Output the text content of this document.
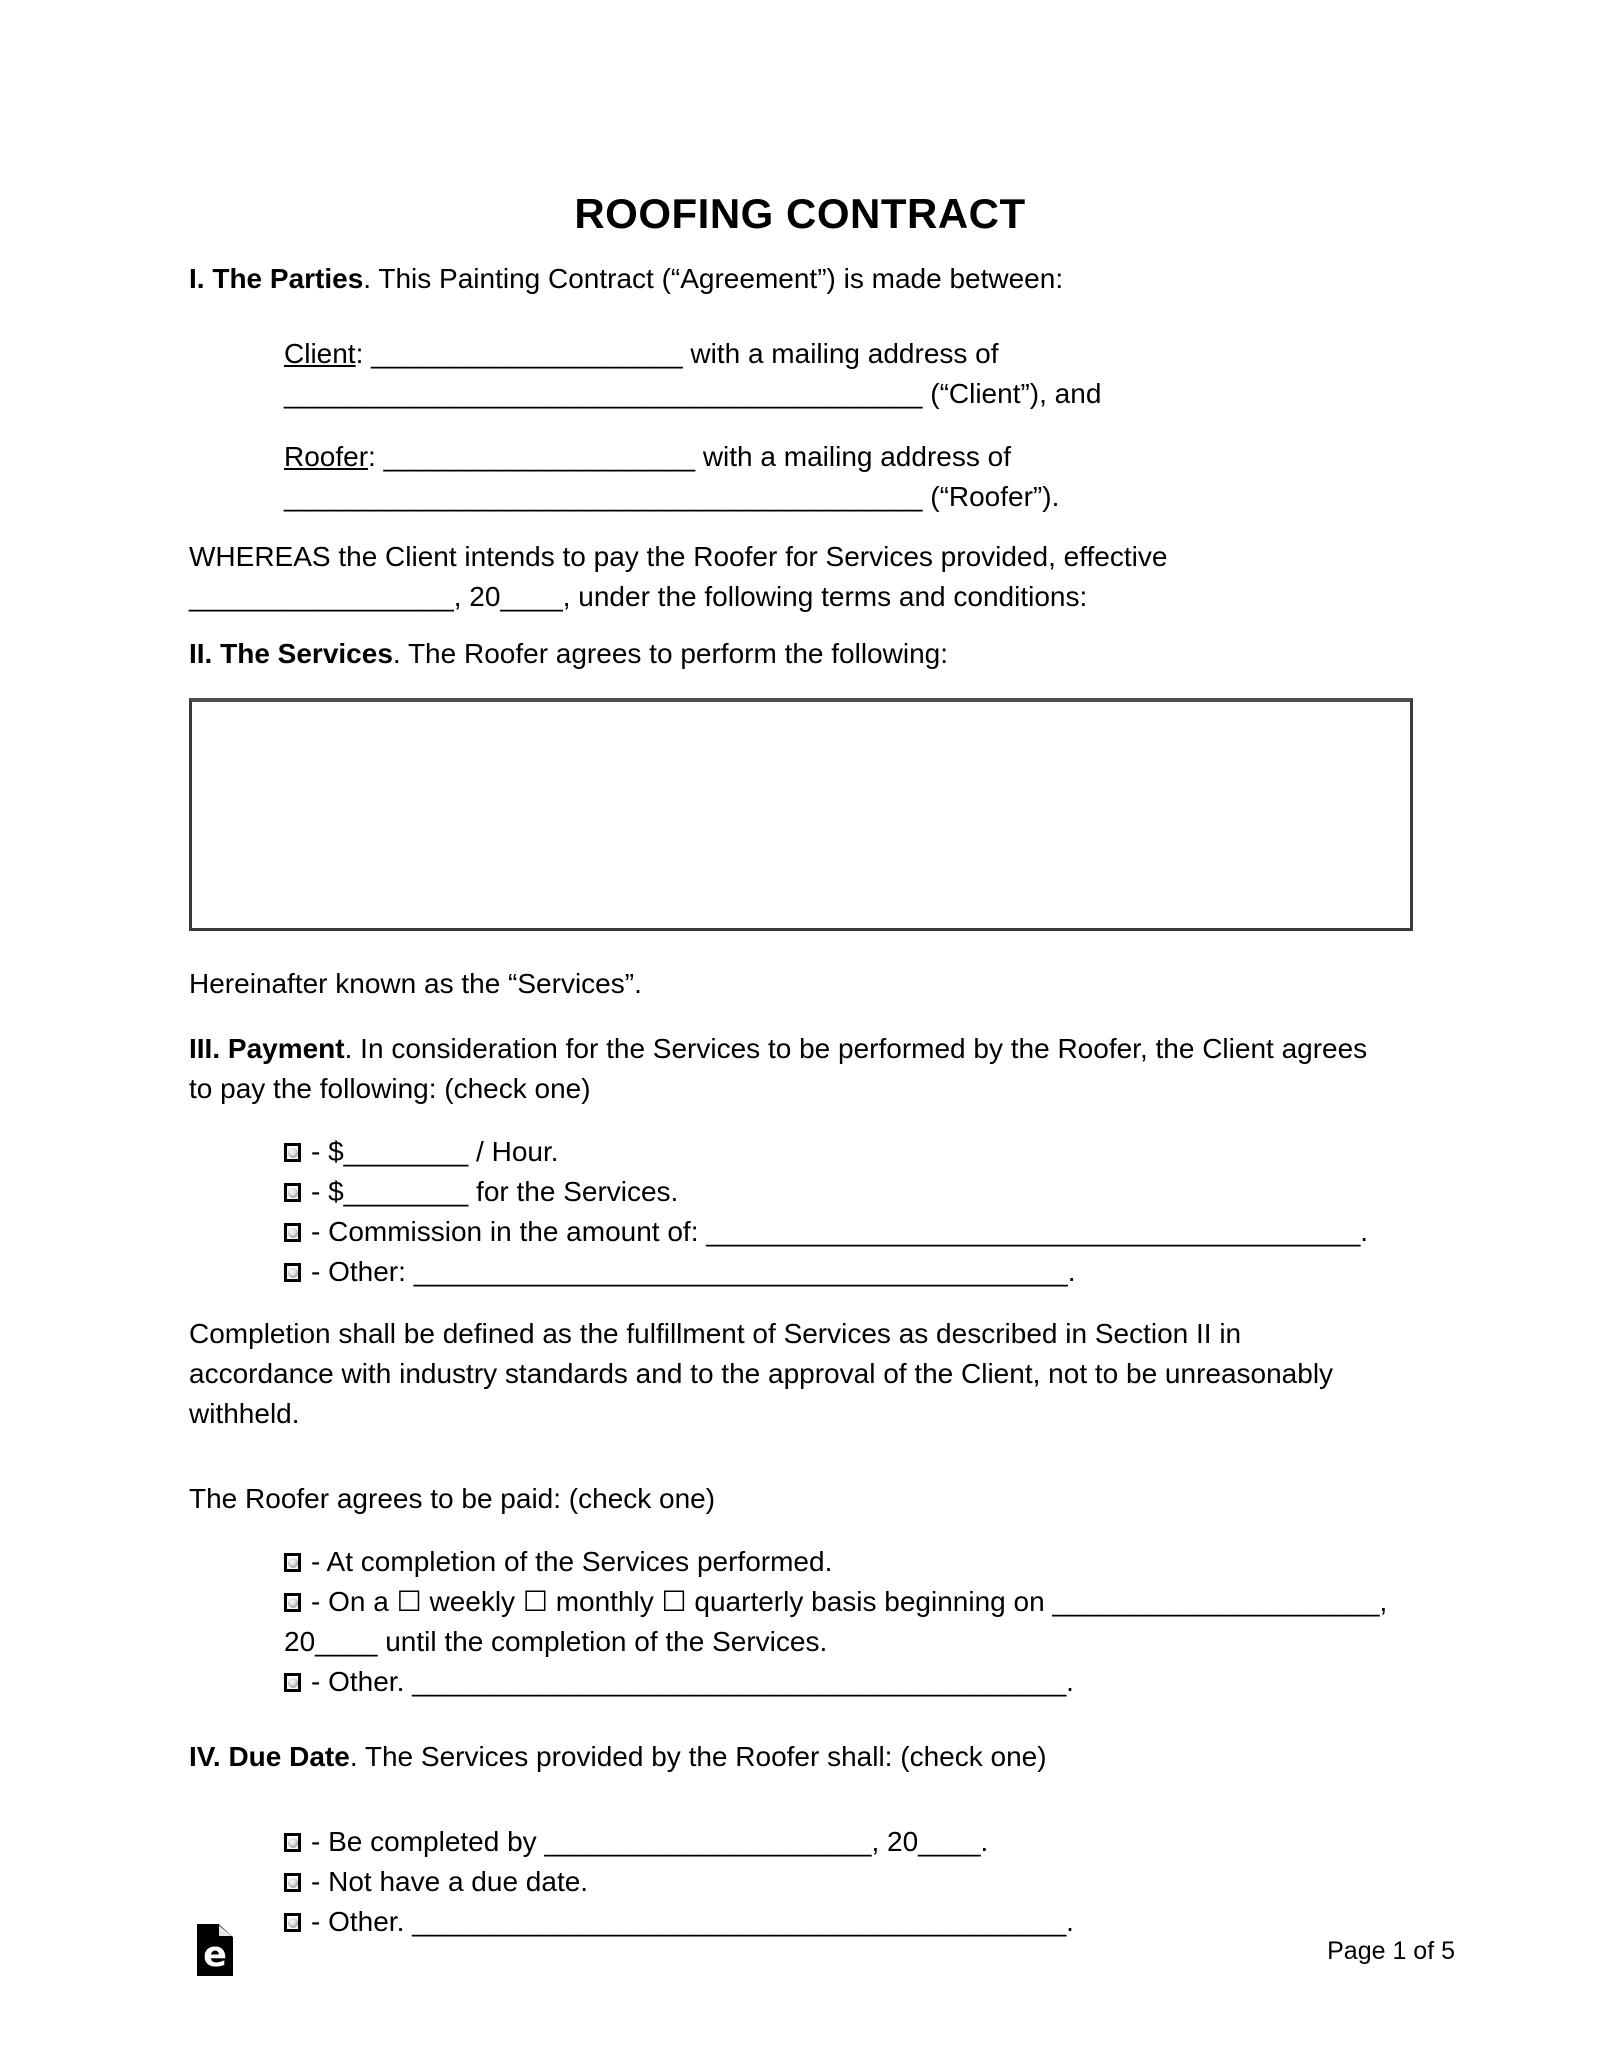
ROOFING CONTRACT
I. The Parties. This Painting Contract (“Agreement”) is made between:
Client: ____________________ with a mailing address of
_________________________________________ (“Client”), and
Roofer: ____________________ with a mailing address of
_________________________________________ (“Roofer”).
WHEREAS the Client intends to pay the Roofer for Services provided, effective
_________________, 20____, under the following terms and conditions:
II. The Services. The Roofer agrees to perform the following:
Hereinafter known as the “Services”.
III. Payment. In consideration for the Services to be performed by the Roofer, the Client agrees
to pay the following: (check one)
- $________ / Hour.
- $________ for the Services.
- Commission in the amount of: __________________________________________.
- Other: __________________________________________.
Completion shall be defined as the fulfillment of Services as described in Section II in
accordance with industry standards and to the approval of the Client, not to be unreasonably
withheld.
The Roofer agrees to be paid: (check one)
- At completion of the Services performed.
- On a ☐ weekly ☐ monthly ☐ quarterly basis beginning on _____________________,
20____ until the completion of the Services.
- Other. __________________________________________.
IV. Due Date. The Services provided by the Roofer shall: (check one)
- Be completed by _____________________, 20____.
- Not have a due date.
- Other. __________________________________________.
e	Page 1 of 5
